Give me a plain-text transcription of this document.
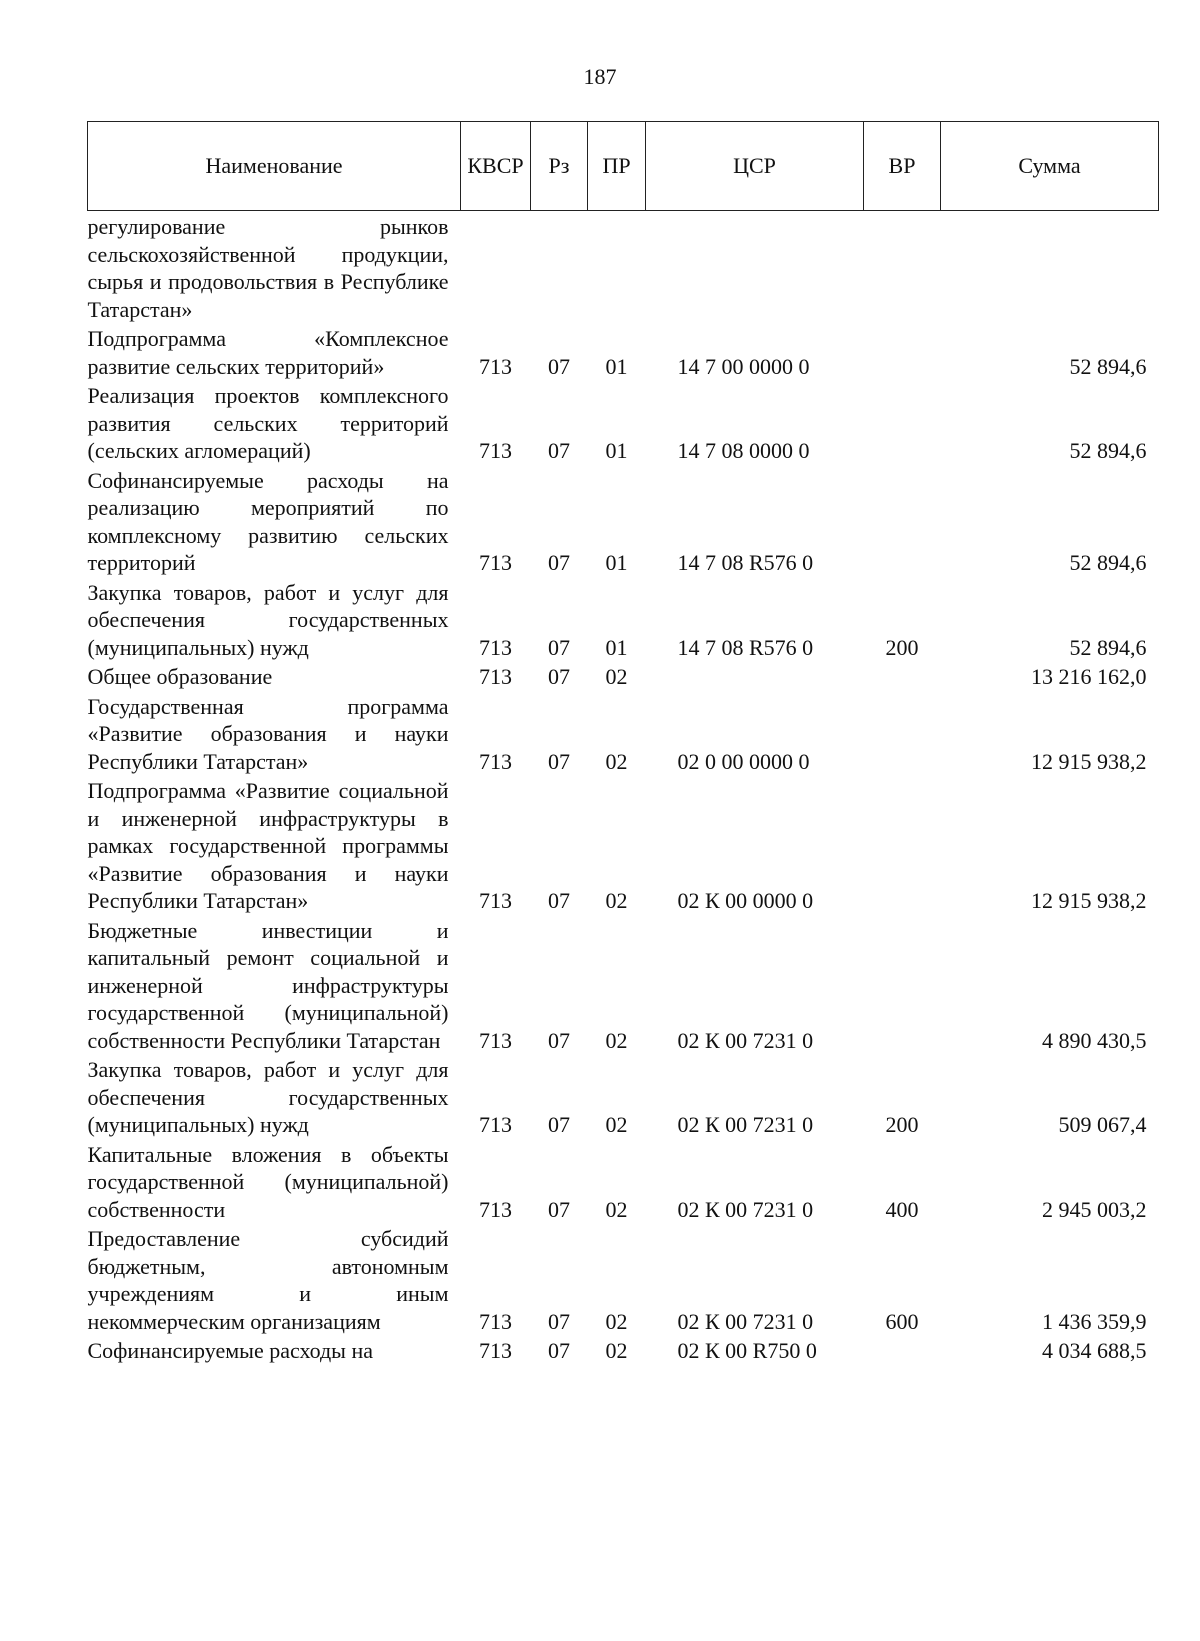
187
Наименование	КВСР	Рз	ПР	ЦСР	ВР	Сумма
регулирование рынков сельскохозяйственной продукции, сырья и продовольствия в Республике Татарстан»						
Подпрограмма «Комплексное развитие сельских территорий»	713	07	01	14 7 00 0000 0		52 894,6
Реализация проектов комплексного развития сельских территорий (сельских агломераций)	713	07	01	14 7 08 0000 0		52 894,6
Софинансируемые расходы на реализацию мероприятий по комплексному развитию сельских территорий	713	07	01	14 7 08 R576 0		52 894,6
Закупка товаров, работ и услуг для обеспечения государственных (муниципальных) нужд	713	07	01	14 7 08 R576 0	200	52 894,6
Общее образование	713	07	02			13 216 162,0
Государственная программа «Развитие образования и науки Республики Татарстан»	713	07	02	02 0 00 0000 0		12 915 938,2
Подпрограмма «Развитие социальной и инженерной инфраструктуры в рамках государственной программы «Развитие образования и науки Республики Татарстан»	713	07	02	02 К 00 0000 0		12 915 938,2
Бюджетные инвестиции и капитальный ремонт социальной и инженерной инфраструктуры государственной (муниципальной) собственности Республики Татарстан	713	07	02	02 К 00 7231 0		4 890 430,5
Закупка товаров, работ и услуг для обеспечения государственных (муниципальных) нужд	713	07	02	02 К 00 7231 0	200	509 067,4
Капитальные вложения в объекты государственной (муниципальной) собственности	713	07	02	02 К 00 7231 0	400	2 945 003,2
Предоставление субсидий бюджетным, автономным учреждениям и иным некоммерческим организациям	713	07	02	02 К 00 7231 0	600	1 436 359,9
Софинансируемые расходы на	713	07	02	02 К 00 R750 0		4 034 688,5
